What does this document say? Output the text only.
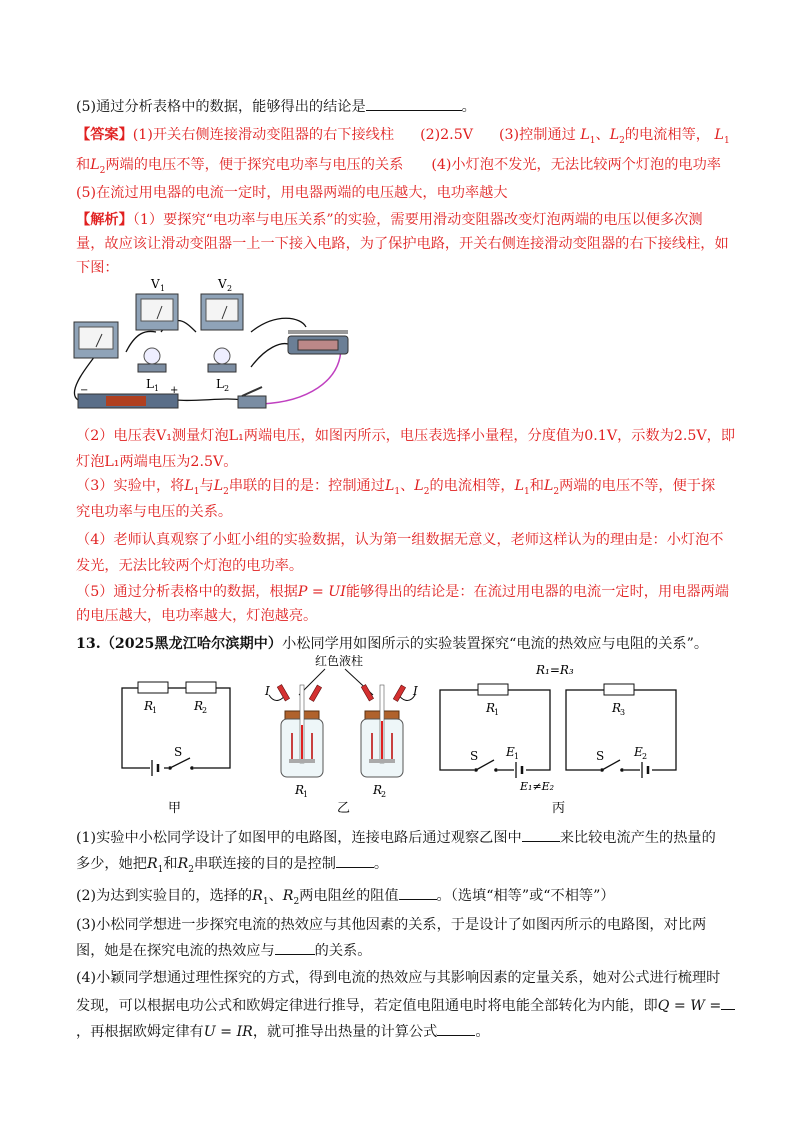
(5)通过分析表格中的数据，能够得出的结论是	。
【答案】(1)开关右侧连接滑动变阻器的右下接线柱 (2)2.5V (3)控制通过 $L_1$、$L_2$的电流相等， $L_1$
和$L_2$两端的电压不等，便于探究电功率与电压的关系 (4)小灯泡不发光，无法比较两个灯泡的电功率
(5)在流过用电器的电流一定时，用电器两端的电压越大，电功率越大
【解析】（1）要探究“电功率与电压关系”的实验，需要用滑动变阻器改变灯泡两端的电压以便多次测
量，故应该让滑动变阻器一上一下接入电路，为了保护电路，开关右侧连接滑动变阻器的右下接线柱，如
下图：
V 1	V 2
L 1	L 2
+
−
（2）电压表V₁测量灯泡L₁两端电压，如图丙所示，电压表选择小量程，分度值为0.1V，示数为2.5V，即
灯泡L₁两端电压为2.5V。
（3）实验中，将$L_1$与$L_2$串联的目的是：控制通过$L_1$、$L_2$的电流相等，$L_1$和$L_2$两端的电压不等，便于探
究电功率与电压的关系。
（4）老师认真观察了小虹小组的实验数据，认为第一组数据无意义，老师这样认为的理由是：小灯泡不
发光，无法比较两个灯泡的电功率。
（5）通过分析表格中的数据，根据P = UI能够得出的结论是：在流过用电器的电流一定时，用电器两端
的电压越大，电功率越大，灯泡越亮。
13.（2025黑龙江哈尔滨期中）小松同学用如图所示的实验装置探究“电流的热效应与电阻的关系”。
R
1	R
2
S
甲
红色液柱
I	I
R
1	R
2
乙
R₁=R₃
R
1
S E 1
E₁≠E₂
R
3
S E 2
丙
(1)实验中小松同学设计了如图甲的电路图，连接电路后通过观察乙图中	来比较电流产生的热量的
多少，她把$R_1$和$R_2$串联连接的目的是控制	。
(2)为达到实验目的，选择的$R_1$、$R_2$两电阻丝的阻值	。（选填“相等”或“不相等”）
(3)小松同学想进一步探究电流的热效应与其他因素的关系，于是设计了如图丙所示的电路图，对比两
图，她是在探究电流的热效应与	的关系。
(4)小颖同学想通过理性探究的方式，得到电流的热效应与其影响因素的定量关系，她对公式进行梳理时
发现，可以根据电功公式和欧姆定律进行推导，若定值电阻通电时将电能全部转化为内能，即Q = W =
，再根据欧姆定律有U = IR，就可推导出热量的计算公式	。
